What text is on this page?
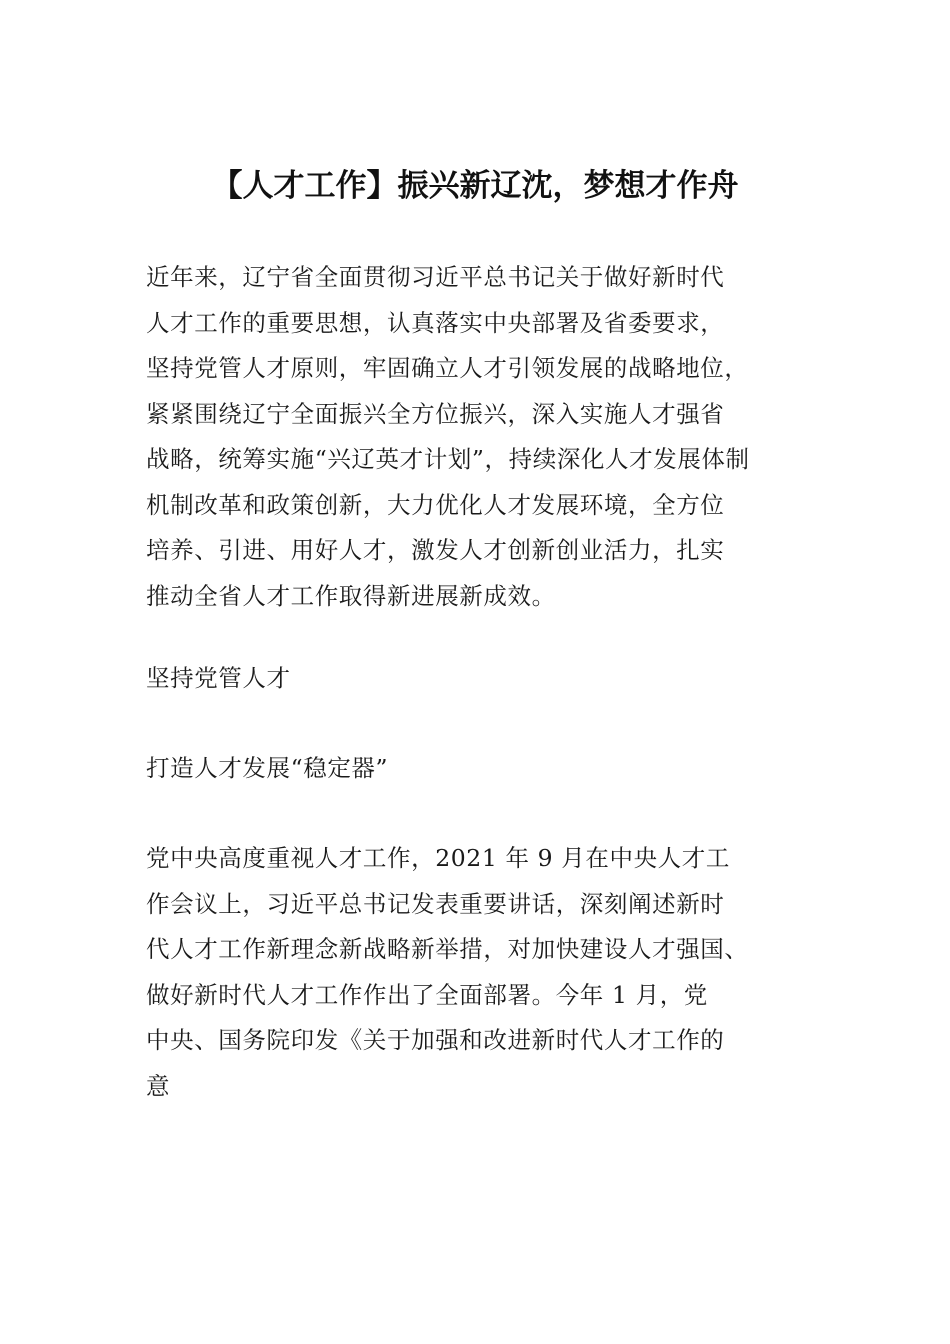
【人才工作】振兴新辽沈，梦想才作舟
近年来，辽宁省全面贯彻习近平总书记关于做好新时代
人才工作的重要思想，认真落实中央部署及省委要求，
坚持党管人才原则，牢固确立人才引领发展的战略地位，
紧紧围绕辽宁全面振兴全方位振兴，深入实施人才强省
战略，统筹实施“兴辽英才计划”，持续深化人才发展体制
机制改革和政策创新，大力优化人才发展环境，全方位
培养、引进、用好人才，激发人才创新创业活力，扎实
推动全省人才工作取得新进展新成效。
坚持党管人才
打造人才发展“稳定器”
党中央高度重视人才工作，2021 年 9 月在中央人才工
作会议上，习近平总书记发表重要讲话，深刻阐述新时
代人才工作新理念新战略新举措，对加快建设人才强国、
做好新时代人才工作作出了全面部署。今年 1 月，党
中央、国务院印发《关于加强和改进新时代人才工作的
意
